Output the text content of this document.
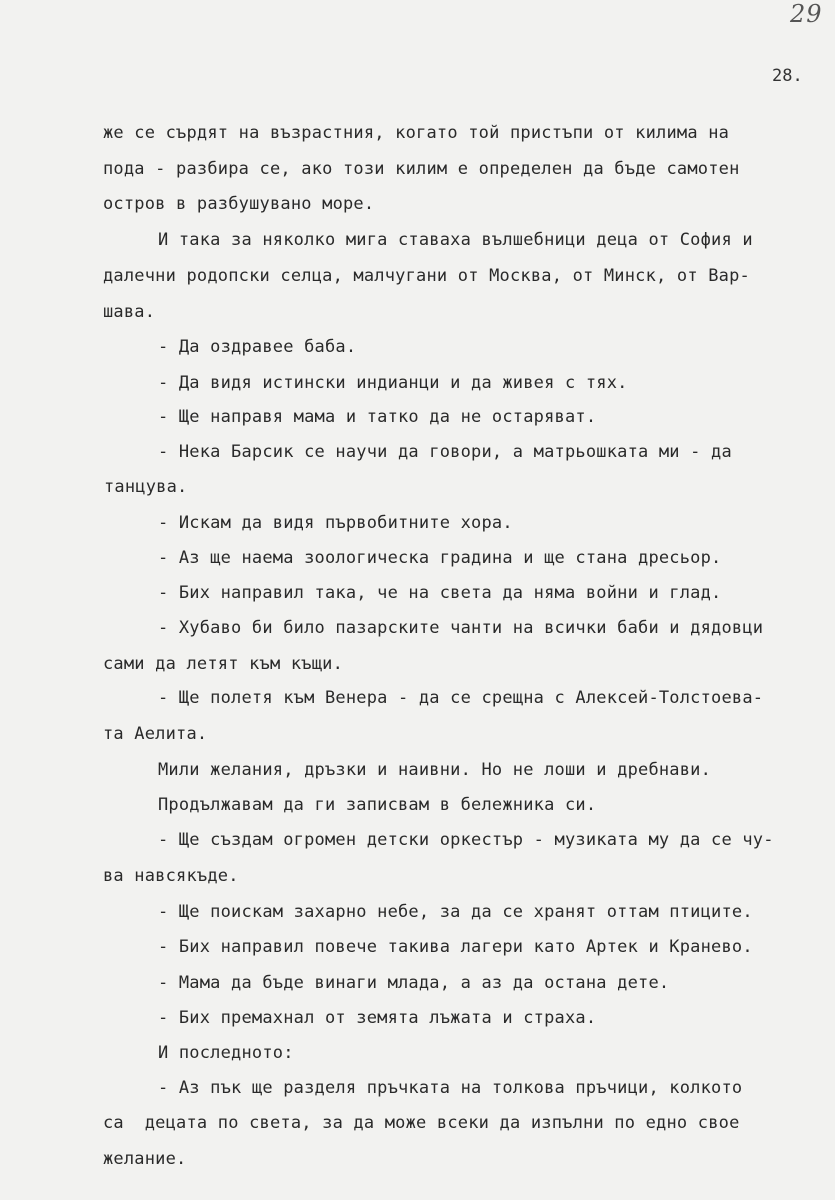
29
28.
же се сърдят на възрастния, когато той пристъпи от килима на
пода - разбира се, ако този килим е определен да бъде самотен
остров в разбушувано море.
И така за няколко мига ставаха вълшебници деца от София и
далечни родопски селца, малчугани от Москва, от Минск, от Вар-
шава.
- Да оздравее баба.
- Да видя истински индианци и да живея с тях.
- Ще направя мама и татко да не остаряват.
- Нека Барсик се научи да говори, а матрьошката ми - да
танцува.
- Искам да видя първобитните хора.
- Аз ще наема зоологическа градина и ще стана дресьор.
- Бих направил така, че на света да няма войни и глад.
- Хубаво би било пазарските чанти на всички баби и дядовци
сами да летят към къщи.
- Ще полетя към Венера - да се срещна с Алексей-Толстоева-
та Аелита.
Мили желания, дръзки и наивни. Но не лоши и дребнави.
Продължавам да ги записвам в бележника си.
- Ще създам огромен детски оркестър - музиката му да се чу-
ва навсякъде.
- Ще поискам захарно небе, за да се хранят оттам птиците.
- Бих направил повече такива лагери като Артек и Кранево.
- Мама да бъде винаги млада, а аз да остана дете.
- Бих премахнал от земята лъжата и страха.
И последното:
- Аз пък ще разделя пръчката на толкова пръчици, колкото
са  децата по света, за да може всеки да изпълни по едно свое
желание.
